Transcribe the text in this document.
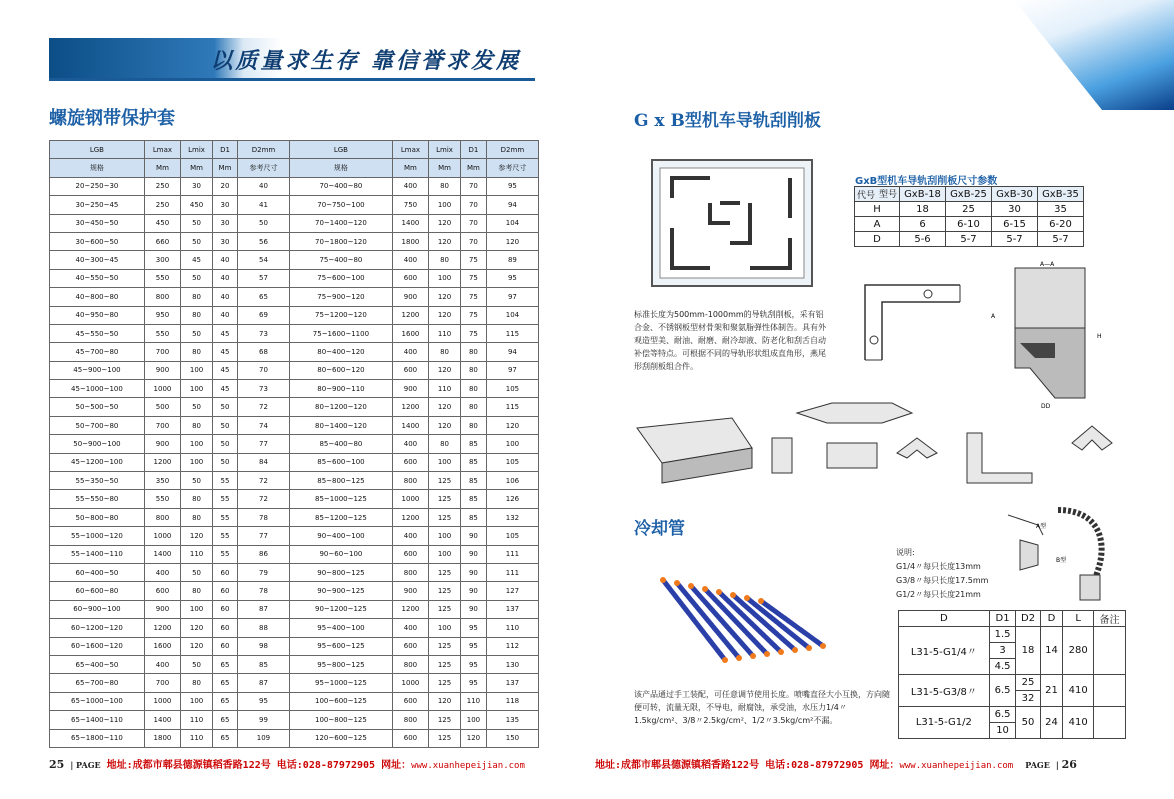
以质量求生存 靠信誉求发展
螺旋钢带保护套
LGB	Lmax	Lmix	D1	D2mm	LGB	Lmax	Lmix	D1	D2mm
规格	Mm	Mm	Mm	参考尺寸	规格	Mm	Mm	Mm	参考尺寸
20~250~30	250	30	20	40	70~400~80	400	80	70	95
30~250~45	250	450	30	41	70~750~100	750	100	70	94
30~450~50	450	50	30	50	70~1400~120	1400	120	70	104
30~600~50	660	50	30	56	70~1800~120	1800	120	70	120
40~300~45	300	45	40	54	75~400~80	400	80	75	89
40~550~50	550	50	40	57	75~600~100	600	100	75	95
40~800~80	800	80	40	65	75~900~120	900	120	75	97
40~950~80	950	80	40	69	75~1200~120	1200	120	75	104
45~550~50	550	50	45	73	75~1600~1100	1600	110	75	115
45~700~80	700	80	45	68	80~400~120	400	80	80	94
45~900~100	900	100	45	70	80~600~120	600	120	80	97
45~1000~100	1000	100	45	73	80~900~110	900	110	80	105
50~500~50	500	50	50	72	80~1200~120	1200	120	80	115
50~700~80	700	80	50	74	80~1400~120	1400	120	80	120
50~900~100	900	100	50	77	85~400~80	400	80	85	100
45~1200~100	1200	100	50	84	85~600~100	600	100	85	105
55~350~50	350	50	55	72	85~800~125	800	125	85	106
55~550~80	550	80	55	72	85~1000~125	1000	125	85	126
50~800~80	800	80	55	78	85~1200~125	1200	125	85	132
55~1000~120	1000	120	55	77	90~400~100	400	100	90	105
55~1400~110	1400	110	55	86	90~60~100	600	100	90	111
60~400~50	400	50	60	79	90~800~125	800	125	90	111
60~600~80	600	80	60	78	90~900~125	900	125	90	127
60~900~100	900	100	60	87	90~1200~125	1200	125	90	137
60~1200~120	1200	120	60	88	95~400~100	400	100	95	110
60~1600~120	1600	120	60	98	95~600~125	600	125	95	112
65~400~50	400	50	65	85	95~800~125	800	125	95	130
65~700~80	700	80	65	87	95~1000~125	1000	125	95	137
65~1000~100	1000	100	65	95	100~600~125	600	120	110	118
65~1400~110	1400	110	65	99	100~800~125	800	125	100	135
65~1800~110	1800	110	65	109	120~600~125	600	125	120	150
G x B型机车导轨刮削板
GxB型机车导轨刮削板尺寸参数
型号
代号	GxB-18	GxB-25	GxB-30	GxB-35
H	18	25	30	35
A	6	6-10	6-15	6-20
D	5-6	5-7	5-7	5-7
标准长度为500mm-1000mm的导轨刮削板，采有铝合金、不锈钢板型材骨架和聚氨脂弹性体制告。具有外观造型美、耐油、耐磨、耐冷却液、防老化和刮舌自动补偿等特点。可根据不同的导轨形状组成直角形，燕尾形刮削板组合件。
A—A
H
DD
A
冷却管	A型
B型
说明:
G1/4〃每只长度13mm
G3/8〃每只长度17.5mm
G1/2〃每只长度21mm
D	D1	D2	D	L	备注
L31-5-G1/4〃	1.5	18	14	280	
	3				
	4.5				
L31-5-G3/8〃	6.5	25	21	410	
		32			
L31-5-G1/2	6.5	50	24	410	
	10				
该产品通过手工装配，可任意调节使用长度。喷嘴直径大小互换，方向随便可转，流量无限，不导电，耐腐蚀，承受油，水压力1/4〃1.5kg/cm²、3/8〃2.5kg/cm²、1/2〃3.5kg/cm²不漏。
25 | PAGE 地址:成都市郫县德源镇稻香路122号 电话:028-87972905 网址：www.xuanhepeijian.com	地址:成都市郫县德源镇稻香路122号 电话:028-87972905 网址：www.xuanhepeijian.com PAGE | 26
